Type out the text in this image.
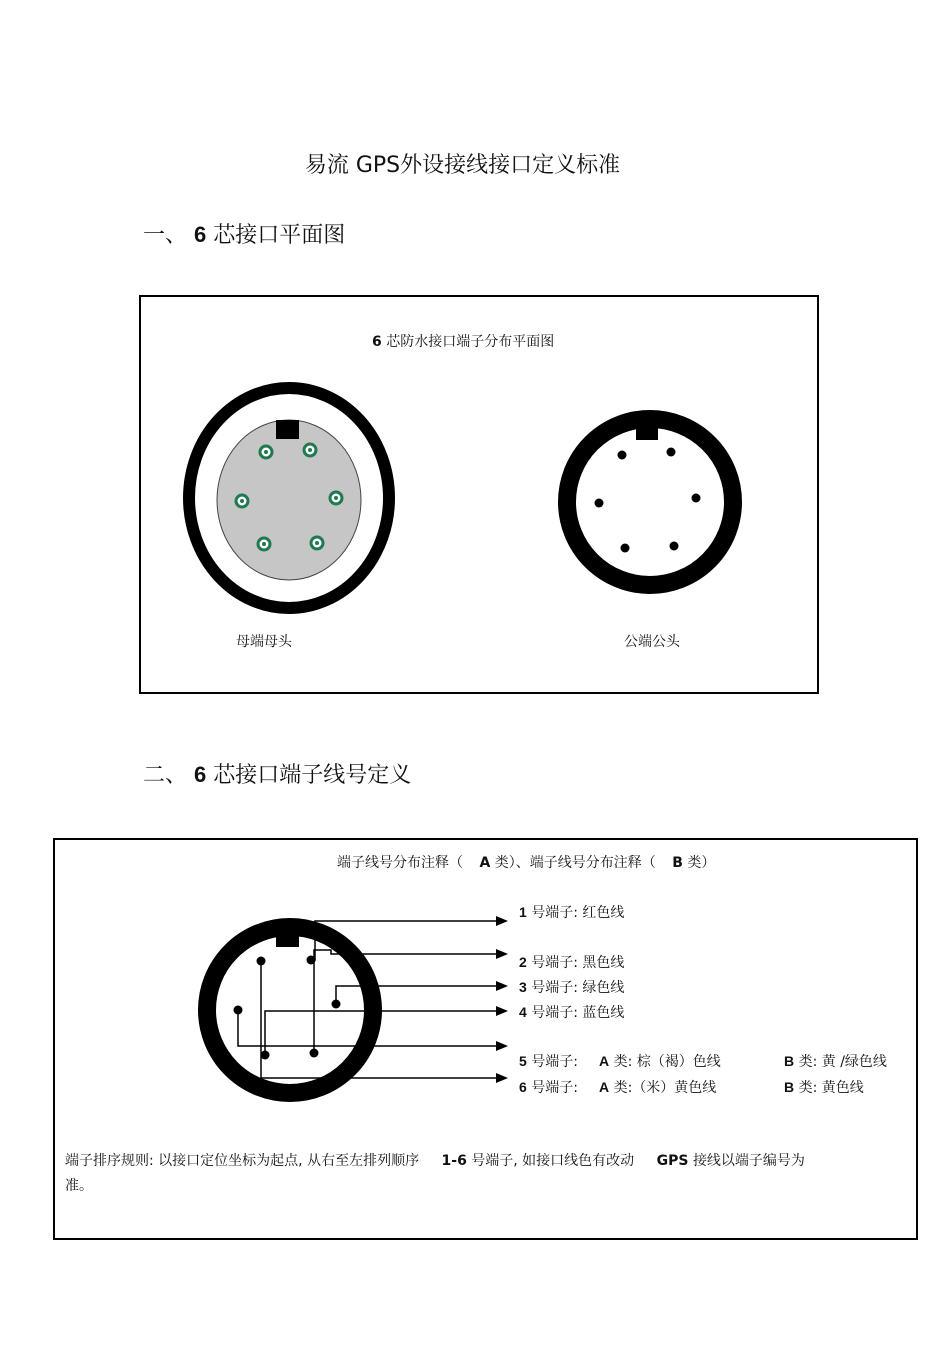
易流 GPS外设接线接口定义标准
一、 6 芯接口平面图
6 芯防水接口端子分布平面图
母端母头	公端公头
二、 6 芯接口端子线号定义
端子线号分布注释（ A 类）、端子线号分布注释（ B 类）
1 号端子: 红色线
2 号端子: 黑色线
3 号端子: 绿色线
4 号端子: 蓝色线
5 号端子: A 类: 棕（褐）色线	B 类: 黄 /绿色线
6 号端子: A 类:（米）黄色线	B 类: 黄色线
端子排序规则: 以接口定位坐标为起点, 从右至左排列顺序 1-6 号端子, 如接口线色有改动 GPS 接线以端子编号为
准。
